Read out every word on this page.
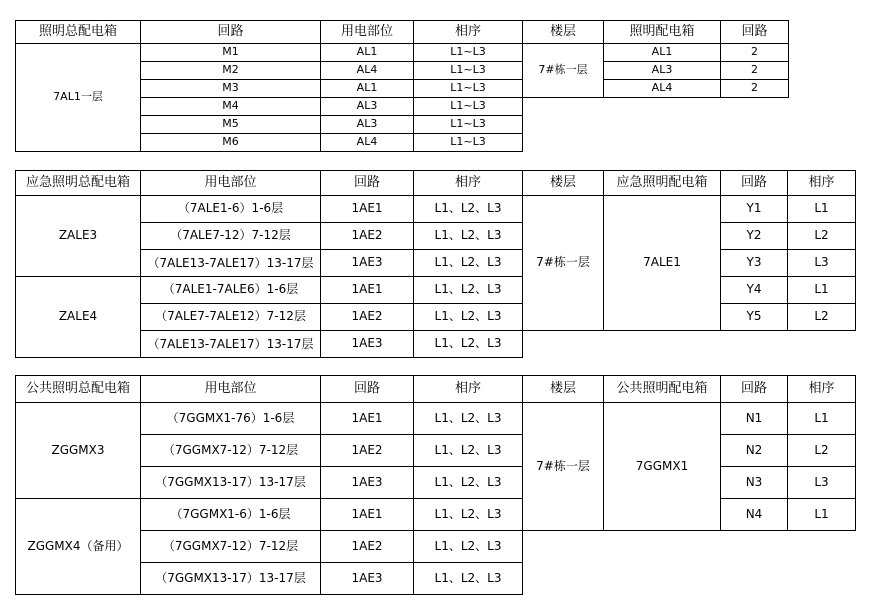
照明总配电箱	回路	用电部位	相序	楼层	照明配电箱	回路
7AL1一层	M1	AL1	L1~L3	7#栋一层	AL1	2
	M2	AL4	L1~L3		AL3	2
	M3	AL1	L1~L3		AL4	2
	M4	AL3	L1~L3			
	M5	AL3	L1~L3			
	M6	AL4	L1~L3			
应急照明总配电箱	用电部位	回路	相序	楼层	应急照明配电箱	回路	相序
ZALE3	（7ALE1-6）1-6层	1AE1	L1、L2、L3	7#栋一层	7ALE1	Y1	L1
	（7ALE7-12）7-12层	1AE2	L1、L2、L3			Y2	L2

	（7ALE13-7ALE17）13-17层	1AE3	L1、L2、L3			Y3	L3
ZALE4	（7ALE1-7ALE6）1-6层	1AE1	L1、L2、L3			Y4	L1
	（7ALE7-7ALE12）7-12层	1AE2	L1、L2、L3			Y5	L2

	（7ALE13-7ALE17）13-17层	1AE3	L1、L2、L3				
公共照明总配电箱	用电部位	回路	相序	楼层	公共照明配电箱	回路	相序
ZGGMX3	（7GGMX1-76）1-6层	1AE1	L1、L2、L3	7#栋一层	7GGMX1	N1	L1
	（7GGMX7-12）7-12层	1AE2	L1、L2、L3			N2	L2
	（7GGMX13-17）13-17层	1AE3	L1、L2、L3			N3	L3
ZGGMX4（备用）	（7GGMX1-6）1-6层	1AE1	L1、L2、L3			N4	L1
	（7GGMX7-12）7-12层	1AE2	L1、L2、L3				
	（7GGMX13-17）13-17层	1AE3	L1、L2、L3				
